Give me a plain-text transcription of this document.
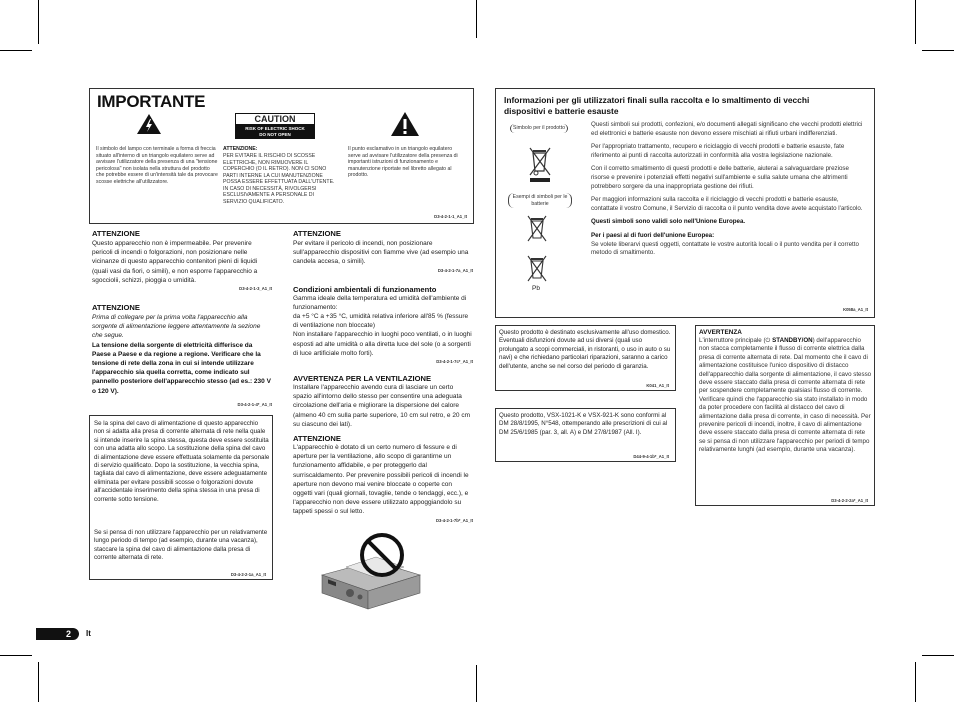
IMPORTANTE
Il simbolo del lampo con terminale a forma di freccia situato all'interno di un triangolo equilatero serve ad avvisare l'utilizzatore della presenza di una "tensione pericolosa" non isolata nella struttura del prodotto che potrebbe essere di un'intensità tale da provocare scosse elettriche all'utilizzatore.
CAUTION
RISK OF ELECTRIC SHOCK
DO NOT OPEN
ATTENZIONE:
PER EVITARE IL RISCHIO DI SCOSSE ELETTRICHE, NON RIMUOVERE IL COPERCHIO (O IL RETRO). NON CI SONO PARTI INTERNE LA CUI MANUTENZIONE POSSA ESSERE EFFETTUATA DALL'UTENTE. IN CASO DI NECESSITÀ, RIVOLGERSI ESCLUSIVAMENTE A PERSONALE DI SERVIZIO QUALIFICATO.
Il punto esclamativo in un triangolo equilatero serve ad avvisare l'utilizzatore della presenza di importanti istruzioni di funzionamento e manutenzione riportate nel libretto allegato al prodotto.
D3-4-2-1-1_A1_It
ATTENZIONE
Questo apparecchio non è impermeabile. Per prevenire pericoli di incendi o folgorazioni, non posizionare nelle vicinanze di questo apparecchio contenitori pieni di liquidi (quali vasi da fiori, o simili), e non esporre l'apparecchio a sgocciolii, schizzi, pioggia o umidità.
D3-4-2-1-3_A1_It
ATTENZIONE
Prima di collegare per la prima volta l'apparecchio alla sorgente di alimentazione leggere attentamente la sezione che segue.
La tensione della sorgente di elettricità differisce da Paese a Paese e da regione a regione. Verificare che la tensione di rete della zona in cui si intende utilizzare l'apparecchio sia quella corretta, come indicato sul pannello posteriore dell'apparecchio stesso (ad es.: 230 V o 120 V).
D3-4-2-1-4*_A1_It
Se la spina del cavo di alimentazione di questo apparecchio non si adatta alla presa di corrente alternata di rete nella quale si intende inserire la spina stessa, questa deve essere sostituita con una adatta allo scopo. La sostituzione della spina del cavo di alimentazione deve essere effettuata solamente da personale di servizio qualificato. Dopo la sostituzione, la vecchia spina, tagliata dal cavo di alimentazione, deve essere adeguatamente eliminata per evitare possibili scosse o folgorazioni dovute all'accidentale inserimento della spina stessa in una presa di corrente sotto tensione.
Se si pensa di non utilizzare l'apparecchio per un relativamente lungo periodo di tempo (ad esempio, durante una vacanza), staccare la spina del cavo di alimentazione dalla presa di corrente alternata di rete.
D3-4-2-2-1a_A1_It
ATTENZIONE
Per evitare il pericolo di incendi, non posizionare sull'apparecchio dispositivi con fiamme vive (ad esempio una candela accesa, o simili).
D3-4-2-1-7a_A1_It
Condizioni ambientali di funzionamento
Gamma ideale della temperatura ed umidità dell'ambiente di funzionamento:
da +5 °C a +35 °C, umidità relativa inferiore all'85 % (fessure di ventilazione non bloccate)
Non installare l'apparecchio in luoghi poco ventilati, o in luoghi esposti ad alte umidità o alla diretta luce del sole (o a sorgenti di luce artificiale molto forti).
D3-4-2-1-7c*_A1_It
AVVERTENZA PER LA VENTILAZIONE
Installare l'apparecchio avendo cura di lasciare un certo spazio all'intorno dello stesso per consentire una adeguata circolazione dell'aria e migliorare la dispersione del calore (almeno 40 cm sulla parte superiore, 10 cm sul retro, e 20 cm su ciascuno dei lati).
ATTENZIONE
L'apparecchio è dotato di un certo numero di fessure e di aperture per la ventilazione, allo scopo di garantirne un funzionamento affidabile, e per proteggerlo dal surriscaldamento. Per prevenire possibili pericoli di incendi le aperture non devono mai venire bloccate o coperte con oggetti vari (quali giornali, tovaglie, tende o tendaggi, ecc.), e l'apparecchio non deve essere utilizzato appoggiandolo su tappeti spessi o sul letto.
D3-4-2-1-7b*_A1_It
Informazioni per gli utilizzatori finali sulla raccolta e lo smaltimento di vecchi dispositivi e batterie esauste
Simbolo per il prodotto
Esempi di simboli per le batterie
Pb
Questi simboli sui prodotti, confezioni, e/o documenti allegati significano che vecchi prodotti elettrici ed elettronici e batterie esauste non devono essere mischiati ai rifiuti urbani indifferenziati.
Per l'appropriato trattamento, recupero e riciclaggio di vecchi prodotti e batterie esauste, fate riferimento ai punti di raccolta autorizzati in conformità alla vostra legislazione nazionale.
Con il corretto smaltimento di questi prodotti e delle batterie, aiuterai a salvaguardare preziose risorse e prevenire i potenziali effetti negativi sull'ambiente e sulla salute umana che altrimenti potrebbero sorgere da una inappropriata gestione dei rifiuti.
Per maggiori informazioni sulla raccolta e il riciclaggio di vecchi prodotti e batterie esauste, contattate il vostro Comune, il Servizio di raccolta o il punto vendita dove avete acquistato l'articolo.
Questi simboli sono validi solo nell'Unione Europea.
Per i paesi al di fuori dell'unione Europea:
Se volete liberarvi questi oggetti, contattate le vostre autorità locali o il punto vendita per il corretto metodo di smaltimento.
K058a_A1_It
Questo prodotto è destinato esclusivamente all'uso domestico. Eventuali disfunzioni dovute ad usi diversi (quali uso prolungato a scopi commerciali, in ristoranti, o uso in auto o su navi) e che richiedano particolari riparazioni, saranno a carico dell'utente, anche se nel corso del periodo di garanzia.
K041_A1_It
Questo prodotto, VSX-1021-K e VSX-921-K sono conformi al DM 28/8/1995, N°548, ottemperando alle prescrizioni di cui al DM 25/6/1985 (par. 3, all. A) e DM 27/8/1987 (All. I).
D44-9-4-1b*_A1_It
AVVERTENZA
L'interruttore principale (⏻ STANDBY/ON) dell'apparecchio non stacca completamente il flusso di corrente elettrica dalla presa di corrente alternata di rete. Dal momento che il cavo di alimentazione costituisce l'unico dispositivo di distacco dell'apparecchio dalla sorgente di alimentazione, il cavo stesso deve essere staccato dalla presa di corrente alternata di rete per sospendere completamente qualsiasi flusso di corrente. Verificare quindi che l'apparecchio sia stato installato in modo da poter procedere con facilità al distacco del cavo di alimentazione dalla presa di corrente, in caso di necessità. Per prevenire pericoli di incendi, inoltre, il cavo di alimentazione deve essere staccato dalla presa di corrente alternata di rete se si pensa di non utilizzare l'apparecchio per periodi di tempo relativamente lunghi (ad esempio, durante una vacanza).
D3-4-2-2-2a*_A1_It
2 It
